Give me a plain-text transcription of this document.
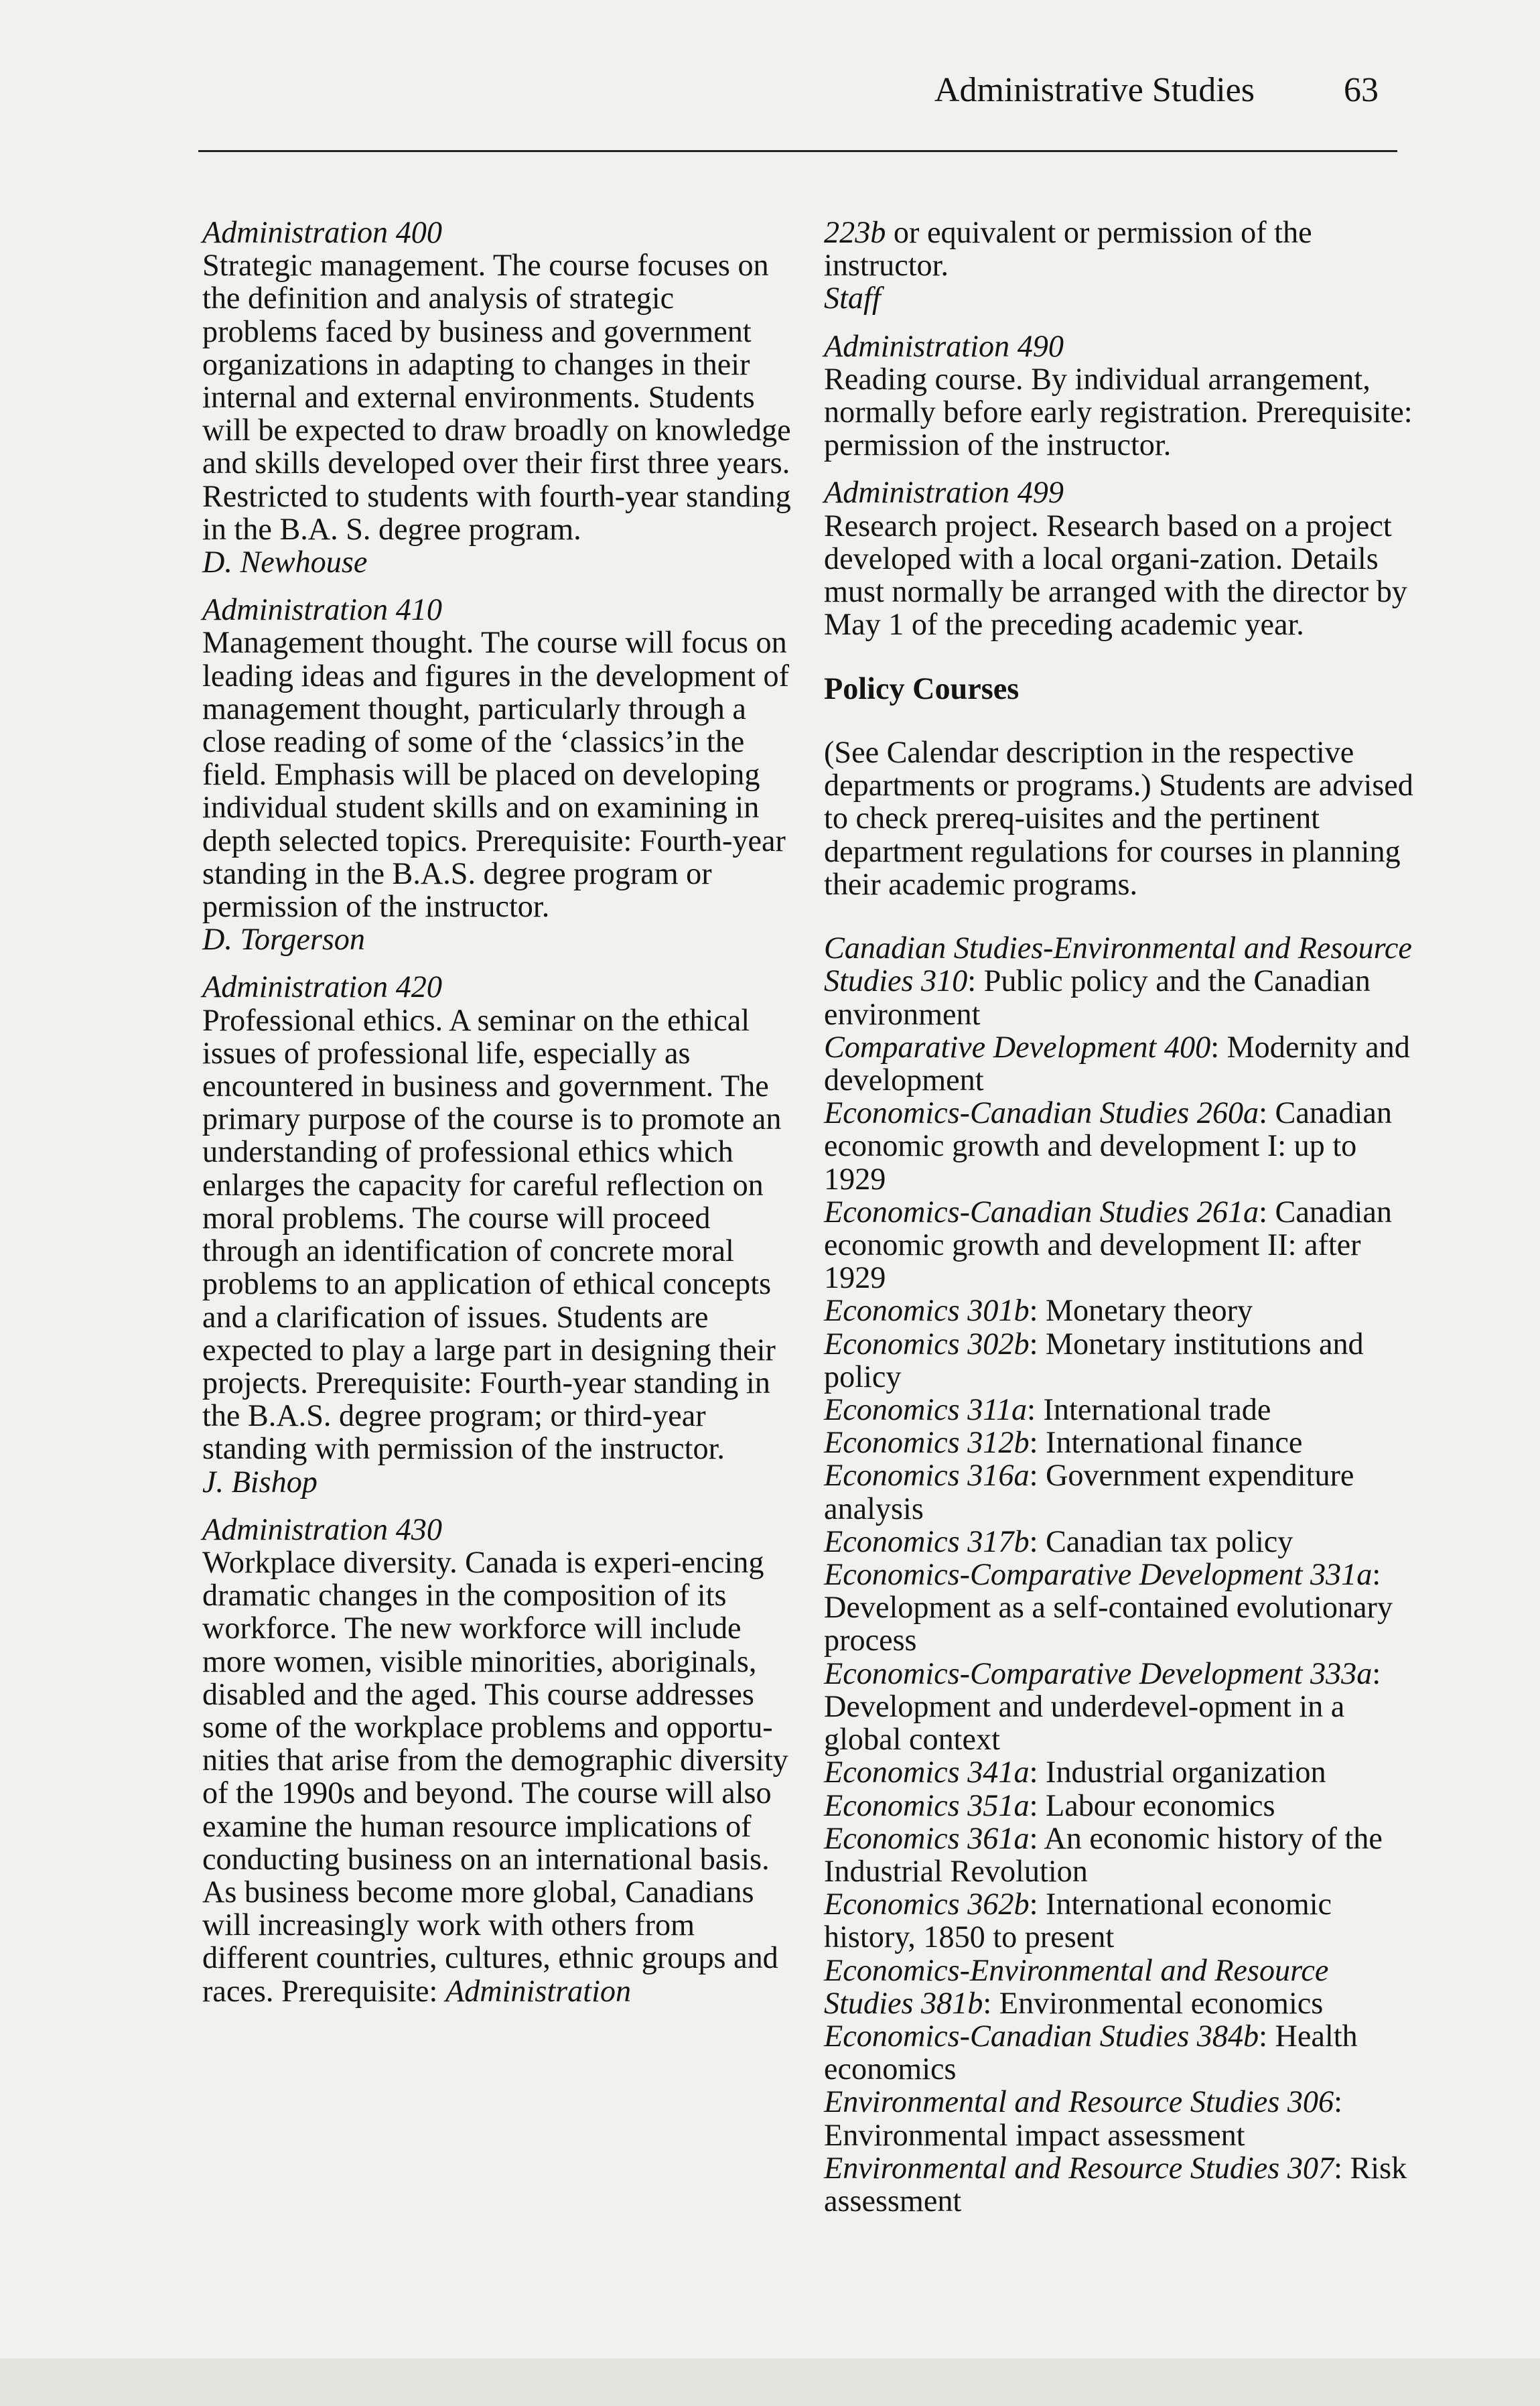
Administrative Studies	63

Administration 400

Strategic management. The course focuses on the definition and analysis of strategic problems faced by business and government organizations in adapting to changes in their internal and external environments. Students will be expected to draw broadly on knowledge and skills developed over their first three years. Restricted to students with fourth-year standing in the B.A. S. degree program.

D. Newhouse

Administration 410

Management thought. The course will focus on leading ideas and figures in the development of management thought, particularly through a close reading of some of the ‘classics’in the field. Emphasis will be placed on developing individual student skills and on examining in depth selected topics. Prerequisite: Fourth-year standing in the B.A.S. degree program or permission of the instructor.

D. Torgerson

Administration 420

Professional ethics. A seminar on the ethical issues of professional life, especially as encountered in business and government. The primary purpose of the course is to promote an understanding of professional ethics which enlarges the capacity for careful reflection on moral problems. The course will proceed through an identification of concrete moral problems to an application of ethical concepts and a clarification of issues. Students are expected to play a large part in designing their projects. Prerequisite: Fourth-year standing in the B.A.S. degree program; or third-year standing with permission of the instructor.

J. Bishop

Administration 430

Workplace diversity. Canada is experi-encing dramatic changes in the composition of its workforce. The new workforce will include more women, visible minorities, aboriginals, disabled and the aged. This course addresses some of the workplace problems and opportu-nities that arise from the demographic diversity of the 1990s and beyond. The course will also examine the human resource implications of conducting business on an international basis. As business become more global, Canadians will increasingly work with others from different countries, cultures, ethnic groups and races. Prerequisite: Administration

223b or equivalent or permission of the instructor.

Staff

Administration 490

Reading course. By individual arrangement, normally before early registration. Prerequisite: permission of the instructor.

Administration 499

Research project. Research based on a project developed with a local organi-zation. Details must normally be arranged with the director by May 1 of the preceding academic year.

Policy Courses

(See Calendar description in the respective departments or programs.) Students are advised to check prereq-uisites and the pertinent department regulations for courses in planning their academic programs.

Canadian Studies-Environmental and Resource Studies 310: Public policy and the Canadian environment
Comparative Development 400: Modernity and development
Economics-Canadian Studies 260a: Canadian economic growth and development I: up to 1929
Economics-Canadian Studies 261a: Canadian economic growth and development II: after 1929
Economics 301b: Monetary theory
Economics 302b: Monetary institutions and policy
Economics 311a: International trade
Economics 312b: International finance
Economics 316a: Government expenditure analysis
Economics 317b: Canadian tax policy
Economics-Comparative Development 331a: Development as a self-contained evolutionary process
Economics-Comparative Development 333a: Development and underdevel-opment in a global context
Economics 341a: Industrial organization
Economics 351a: Labour economics
Economics 361a: An economic history of the Industrial Revolution
Economics 362b: International economic history, 1850 to present
Economics-Environmental and Resource Studies 381b: Environmental economics
Economics-Canadian Studies 384b: Health economics
Environmental and Resource Studies 306: Environmental impact assessment
Environmental and Resource Studies 307: Risk assessment
